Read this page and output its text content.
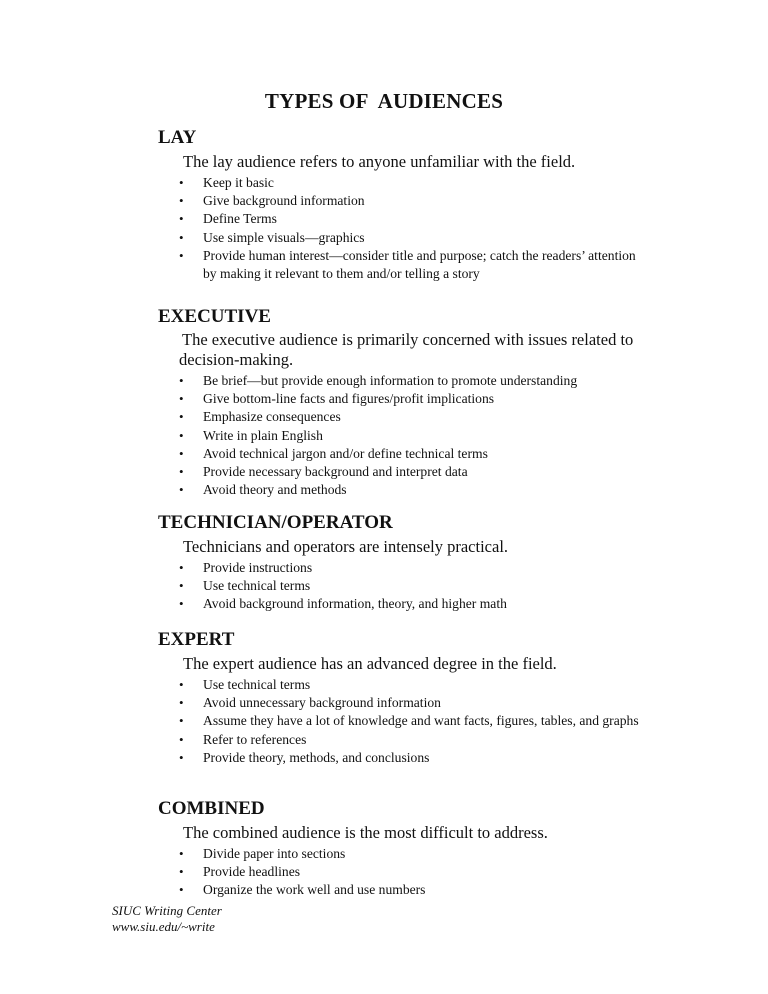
TYPES OF  AUDIENCES
LAY

The lay audience refers to anyone unfamiliar with the field.

• Keep it basic
• Give background information
• Define Terms
• Use simple visuals—graphics
• Provide human interest—consider title and purpose; catch the readers’ attention by making it relevant to them and/or telling a story
EXECUTIVE

The executive audience is primarily concerned with issues related to decision-making.

• Be brief—but provide enough information to promote understanding
• Give bottom-line facts and figures/profit implications
• Emphasize consequences
• Write in plain English
• Avoid technical jargon and/or define technical terms
• Provide necessary background and interpret data
• Avoid theory and methods
TECHNICIAN/OPERATOR

Technicians and operators are intensely practical.

• Provide instructions
• Use technical terms
• Avoid background information, theory, and higher math
EXPERT

The expert audience has an advanced degree in the field.

• Use technical terms
• Avoid unnecessary background information
• Assume they have a lot of knowledge and want facts, figures, tables, and graphs
• Refer to references
• Provide theory, methods, and conclusions
COMBINED

The combined audience is the most difficult to address.

• Divide paper into sections
• Provide headlines
• Organize the work well and use numbers
SIUC Writing Center
www.siu.edu/~write
